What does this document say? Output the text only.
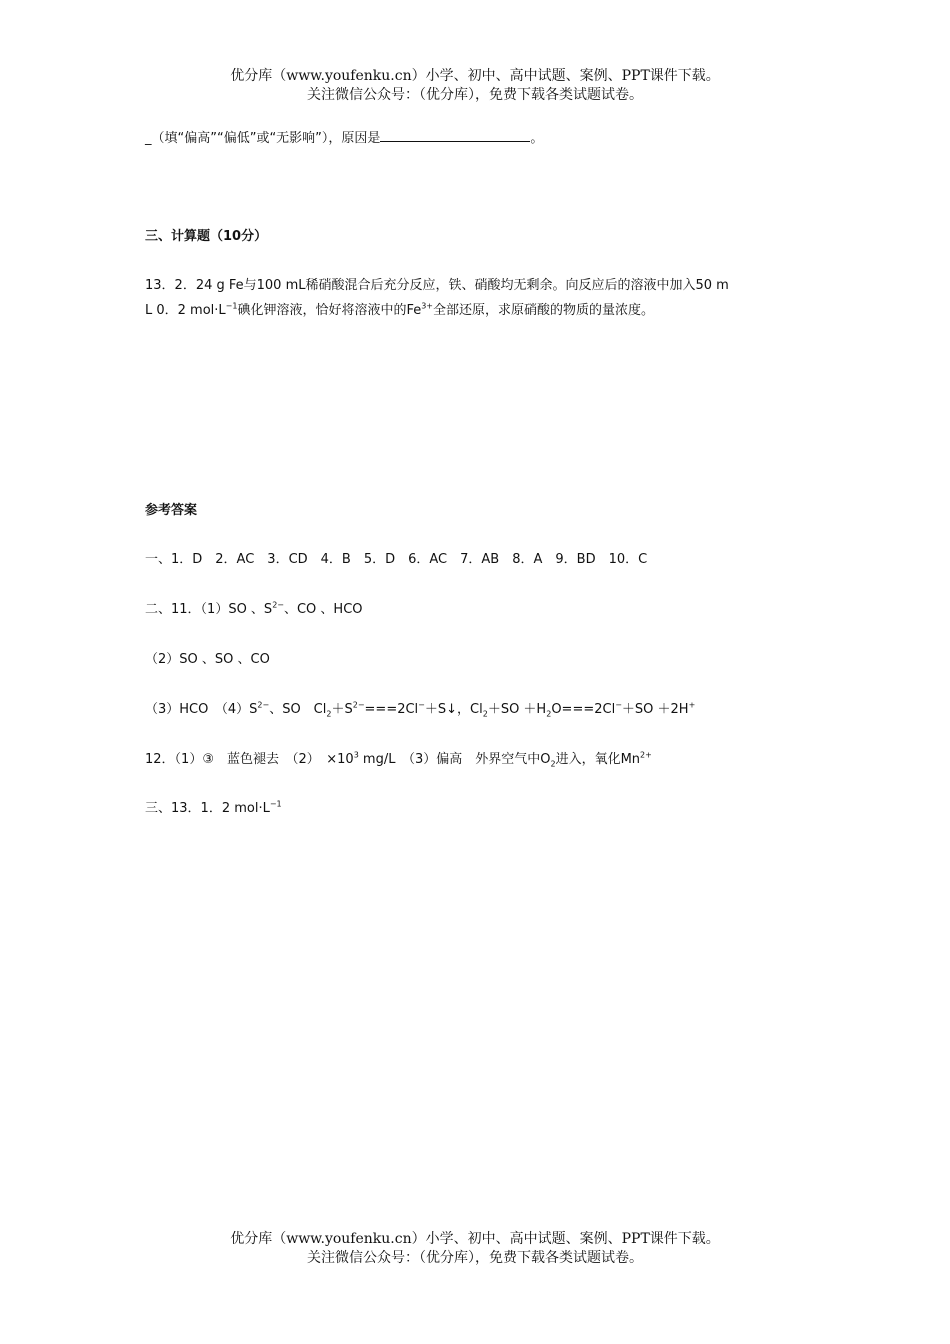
优分库（www.youfenku.cn）小学、初中、高中试题、案例、PPT课件下载。
关注微信公众号：（优分库），免费下载各类试题试卷。
_（填“偏高”“偏低”或“无影响”），原因是	。
三、计算题（10分）
13．2．24 g Fe与100 mL稀硝酸混合后充分反应，铁、硝酸均无剩余。向反应后的溶液中加入50 m
L 0．2 $mol\cdot L^{-1}$碘化钾溶液，恰好将溶液中的$Fe^{3+}$全部还原，求原硝酸的物质的量浓度。
参考答案
一、1．D　2．AC　3．CD　4．B　5．D　6．AC　7．AB　8．A　9．BD　10．C
二、11．（1）SO 、$S^{2-}$、CO 、HCO
（2）SO 、SO 、CO
（3）HCO　$(4)S^{2-}$、SO　$Cl_2+S^{2-}===2Cl^-+S↓$，$Cl_2+SO +H_2O===2Cl^-+SO +2H^+$
12．（1）③　蓝色褪去　（2）　$\times 10^3$ mg/L　（3）偏高　外界空气中$O_2$进入，氧化$Mn^{2+}$
三、13．1．2 $mol\cdot L^{-1}$
优分库（www.youfenku.cn）小学、初中、高中试题、案例、PPT课件下载。
关注微信公众号：（优分库），免费下载各类试题试卷。
